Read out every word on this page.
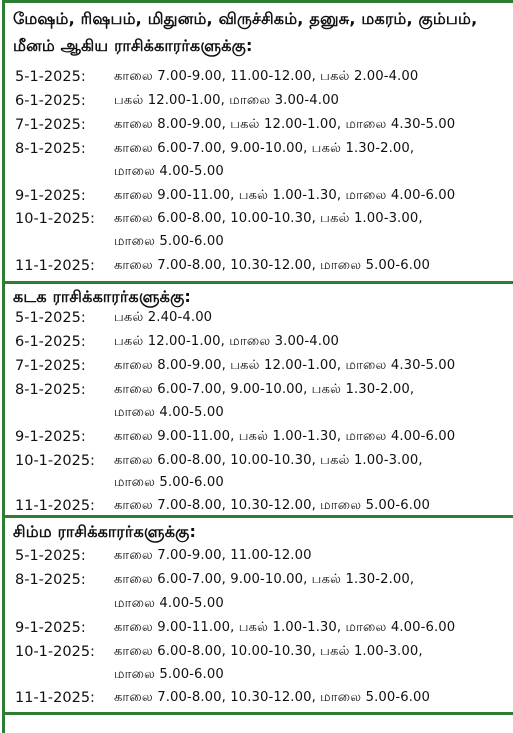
மேஷம், ரிஷபம், மிதுனம், விருச்சிகம், தனுசு, மகரம், கும்பம்,
மீனம் ஆகிய ராசிக்காரர்களுக்கு:
5-1-2025: காலை 7.00-9.00, 11.00-12.00, பகல் 2.00-4.00
6-1-2025: பகல் 12.00-1.00, மாலை 3.00-4.00
7-1-2025: காலை 8.00-9.00, பகல் 12.00-1.00, மாலை 4.30-5.00
8-1-2025: காலை 6.00-7.00, 9.00-10.00, பகல் 1.30-2.00,
மாலை 4.00-5.00
9-1-2025: காலை 9.00-11.00, பகல் 1.00-1.30, மாலை 4.00-6.00
10-1-2025: காலை 6.00-8.00, 10.00-10.30, பகல் 1.00-3.00,
மாலை 5.00-6.00
11-1-2025: காலை 7.00-8.00, 10.30-12.00, மாலை 5.00-6.00
கடக ராசிக்காரர்களுக்கு:
5-1-2025: பகல் 2.40-4.00
6-1-2025: பகல் 12.00-1.00, மாலை 3.00-4.00
7-1-2025: காலை 8.00-9.00, பகல் 12.00-1.00, மாலை 4.30-5.00
8-1-2025: காலை 6.00-7.00, 9.00-10.00, பகல் 1.30-2.00,
மாலை 4.00-5.00
9-1-2025: காலை 9.00-11.00, பகல் 1.00-1.30, மாலை 4.00-6.00
10-1-2025: காலை 6.00-8.00, 10.00-10.30, பகல் 1.00-3.00,
மாலை 5.00-6.00
11-1-2025: காலை 7.00-8.00, 10.30-12.00, மாலை 5.00-6.00
சிம்ம ராசிக்காரர்களுக்கு:
5-1-2025: காலை 7.00-9.00, 11.00-12.00
8-1-2025: காலை 6.00-7.00, 9.00-10.00, பகல் 1.30-2.00,
மாலை 4.00-5.00
9-1-2025: காலை 9.00-11.00, பகல் 1.00-1.30, மாலை 4.00-6.00
10-1-2025: காலை 6.00-8.00, 10.00-10.30, பகல் 1.00-3.00,
மாலை 5.00-6.00
11-1-2025: காலை 7.00-8.00, 10.30-12.00, மாலை 5.00-6.00
